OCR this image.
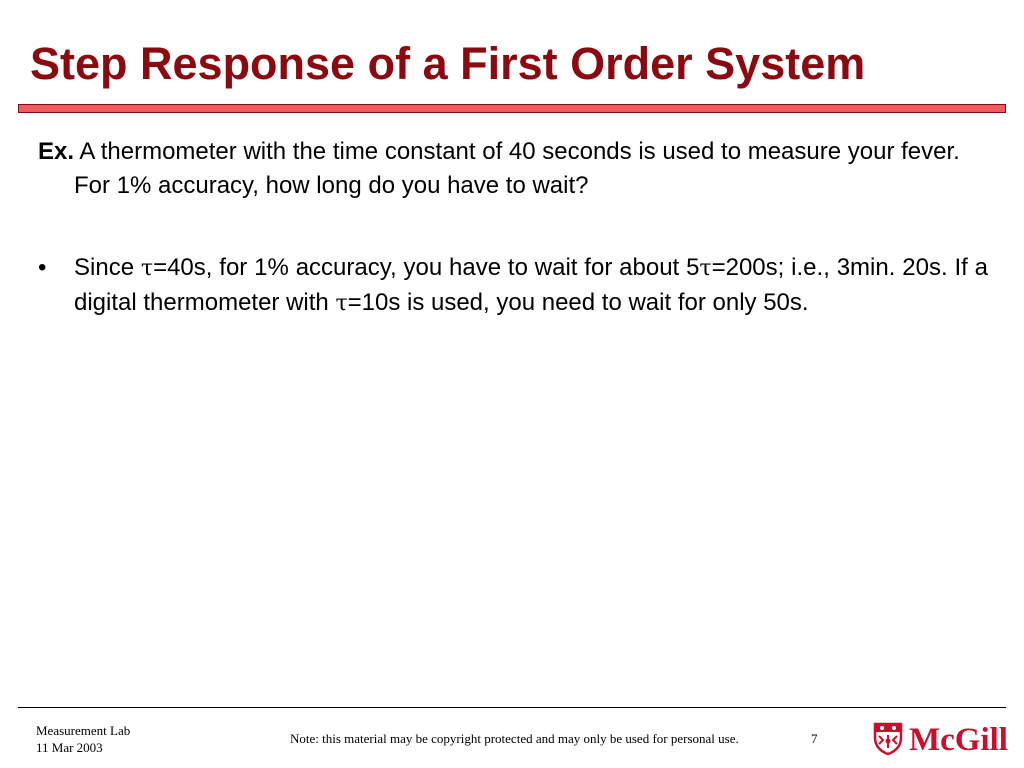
Step Response of a First Order System
Ex. A thermometer with the time constant of 40 seconds is used to measure your fever. For 1% accuracy, how long do you have to wait?
• Since τ=40s, for 1% accuracy, you have to wait for about 5τ=200s; i.e., 3min. 20s. If a digital thermometer with τ=10s is used, you need to wait for only 50s.
Measurement Lab
11 Mar 2003
Note: this material may be copyright protected and may only be used for personal use.	7	McGill
